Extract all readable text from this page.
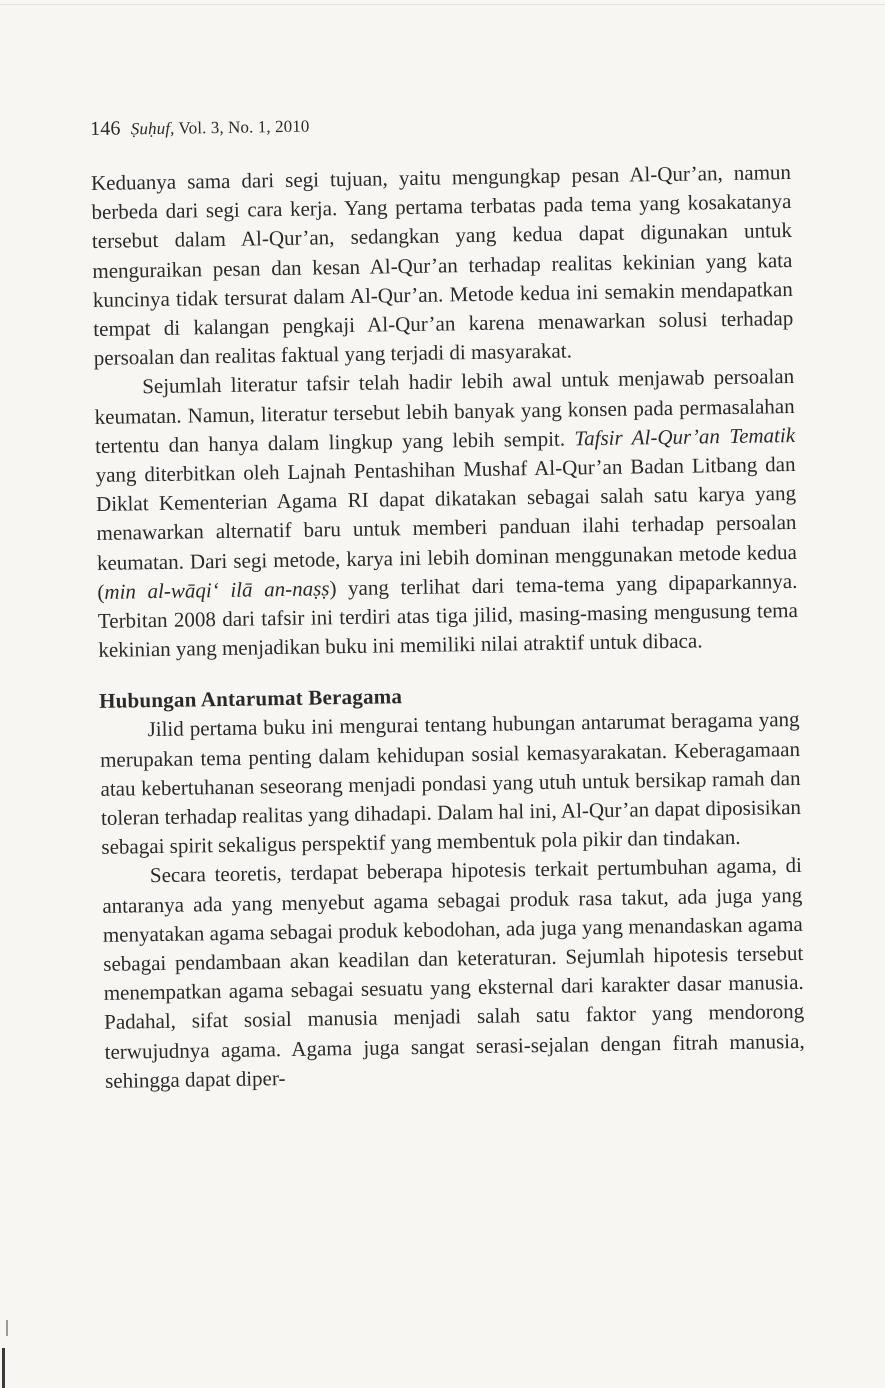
146 Ṣuḥuf, Vol. 3, No. 1, 2010

Keduanya sama dari segi tujuan, yaitu mengungkap pesan Al-Qur’an, namun berbeda dari segi cara kerja. Yang pertama terbatas pada tema yang kosakatanya tersebut dalam Al-Qur’an, sedangkan yang kedua dapat digunakan untuk menguraikan pesan dan kesan Al-Qur’an terhadap realitas kekinian yang kata kuncinya tidak tersurat dalam Al-Qur’an. Metode kedua ini semakin mendapatkan tempat di kalangan pengkaji Al-Qur’an karena menawarkan solusi terhadap persoalan dan realitas faktual yang terjadi di masyarakat.

Sejumlah literatur tafsir telah hadir lebih awal untuk menjawab persoalan keumatan. Namun, literatur tersebut lebih banyak yang konsen pada permasalahan tertentu dan hanya dalam lingkup yang lebih sempit. Tafsir Al-Qur’an Tematik yang diterbitkan oleh Lajnah Pentashihan Mushaf Al-Qur’an Badan Litbang dan Diklat Kementerian Agama RI dapat dikatakan sebagai salah satu karya yang menawarkan alternatif baru untuk memberi panduan ilahi terhadap persoalan keumatan. Dari segi metode, karya ini lebih dominan menggunakan metode kedua (min al-wāqi‘ ilā an-naṣṣ) yang terlihat dari tema-tema yang dipaparkannya. Terbitan 2008 dari tafsir ini terdiri atas tiga jilid, masing-masing mengusung tema kekinian yang menjadikan buku ini memiliki nilai atraktif untuk dibaca.

Hubungan Antarumat Beragama

Jilid pertama buku ini mengurai tentang hubungan antarumat beragama yang merupakan tema penting dalam kehidupan sosial kemasyarakatan. Keberagamaan atau kebertuhanan seseorang menjadi pondasi yang utuh untuk bersikap ramah dan toleran terhadap realitas yang dihadapi. Dalam hal ini, Al-Qur’an dapat diposisikan sebagai spirit sekaligus perspektif yang membentuk pola pikir dan tindakan.

Secara teoretis, terdapat beberapa hipotesis terkait pertumbuhan agama, di antaranya ada yang menyebut agama sebagai produk rasa takut, ada juga yang menyatakan agama sebagai produk kebodohan, ada juga yang menandaskan agama sebagai pendambaan akan keadilan dan keteraturan. Sejumlah hipotesis tersebut menempatkan agama sebagai sesuatu yang eksternal dari karakter dasar manusia. Padahal, sifat sosial manusia menjadi salah satu faktor yang mendorong terwujudnya agama. Agama juga sangat serasi-sejalan dengan fitrah manusia, sehingga dapat diper-
